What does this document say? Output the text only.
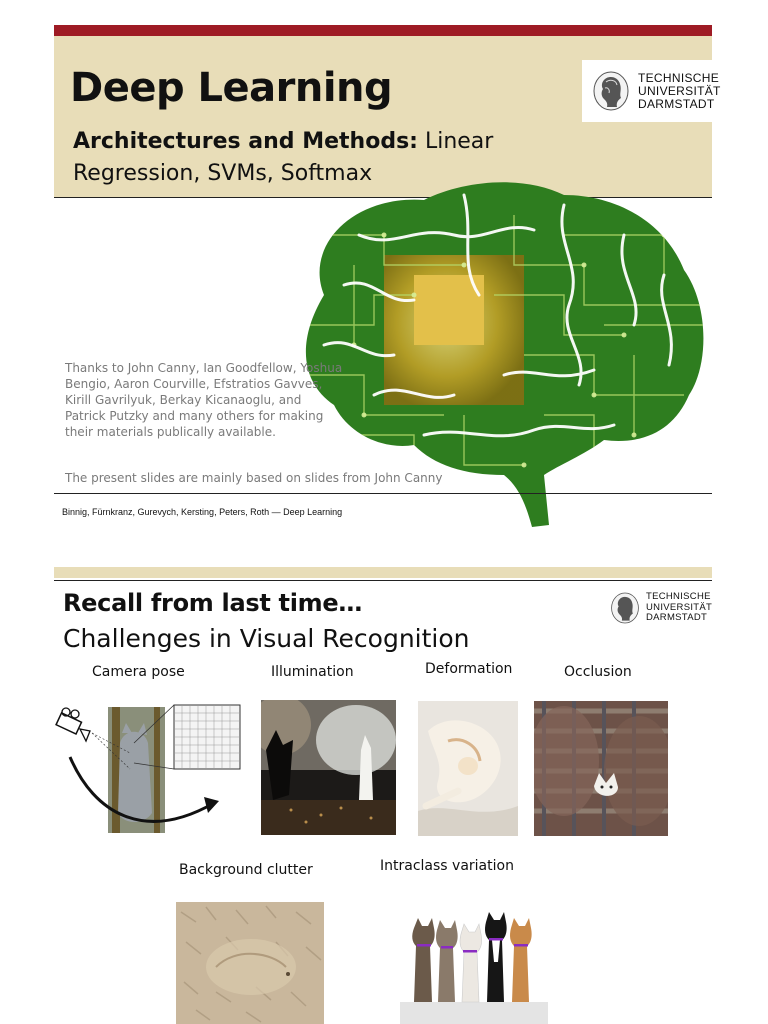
Deep Learning
Architectures and Methods: Linear Regression, SVMs, Softmax
TECHNISCHE
UNIVERSITÄT
DARMSTADT
Thanks to John Canny, Ian Goodfellow, Yoshua Bengio, Aaron Courville, Efstratios Gavves, Kirill Gavrilyuk, Berkay Kicanaoglu, and Patrick Putzky and many others for making their materials publically available.
The present slides are mainly based on slides from John Canny
Binnig, Fürnkranz, Gurevych, Kersting, Peters, Roth — Deep Learning
Recall from last time…
Challenges in Visual Recognition
TECHNISCHE
UNIVERSITÄT
DARMSTADT
Camera pose	Illumination	Deformation	Occlusion
Background clutter	Intraclass variation
